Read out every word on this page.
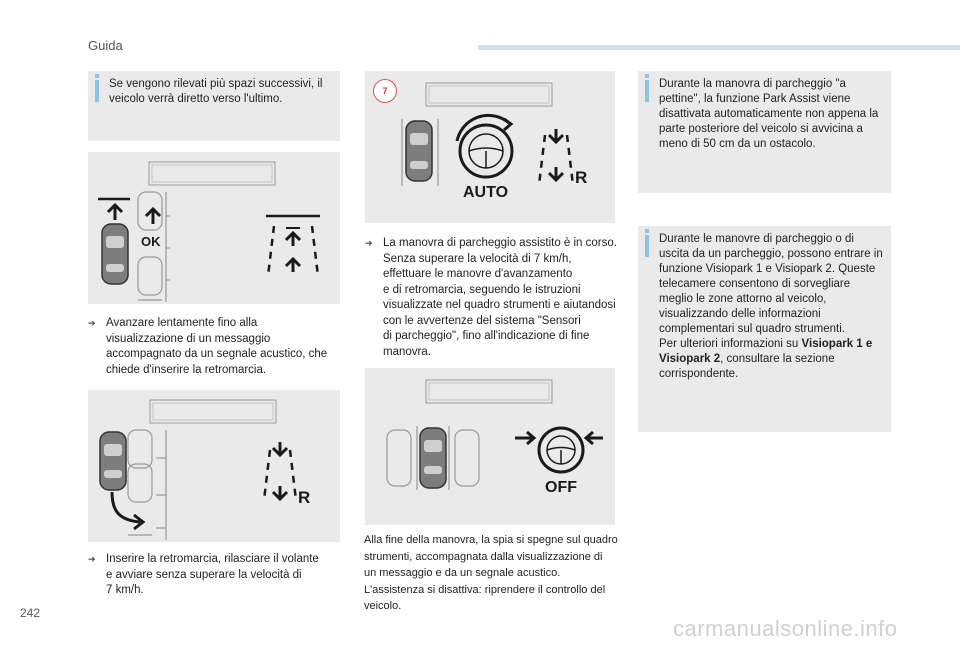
Guida
Se vengono rilevati più spazi successivi, il veicolo verrà diretto verso l'ultimo.
OK
➔ Avanzare lentamente fino alla
visualizzazione di un messaggio
accompagnato da un segnale acustico, che
chiede d'inserire la retromarcia.
R
➔ Inserire la retromarcia, rilasciare il volante
e avviare senza superare la velocità di
7 km/h.
7
AUTO
R
➔ La manovra di parcheggio assistito è in corso.
Senza superare la velocità di 7 km/h,
effettuare le manovre d'avanzamento
e di retromarcia, seguendo le istruzioni
visualizzate nel quadro strumenti e aiutandosi
con le avvertenze del sistema "Sensori
di parcheggio", fino all'indicazione di fine
manovra.
OFF
Alla fine della manovra, la spia si spegne sul quadro
strumenti, accompagnata dalla visualizzazione di
un messaggio e da un segnale acustico.
L'assistenza si disattiva: riprendere il controllo del
veicolo.
Durante la manovra di parcheggio "a pettine", la funzione Park Assist viene disattivata automaticamente non appena la parte posteriore del veicolo si avvicina a meno di 50 cm da un ostacolo.
Durante le manovre di parcheggio o di uscita da un parcheggio, possono entrare in funzione Visiopark 1 e Visiopark 2. Queste telecamere consentono di sorvegliare meglio le zone attorno al veicolo, visualizzando delle informazioni complementari sul quadro strumenti.
Per ulteriori informazioni su Visiopark 1 e Visiopark 2, consultare la sezione corrispondente.
242
carmanualsonline.info
